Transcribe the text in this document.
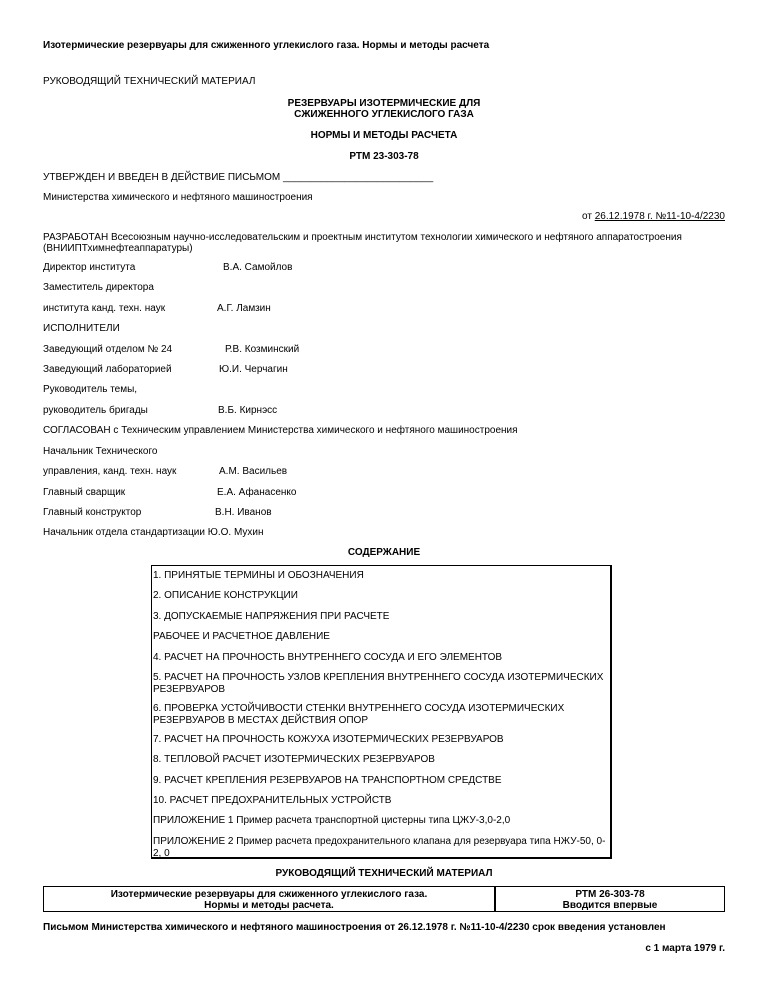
Изотермические резервуары для сжиженного углекислого газа. Нормы и методы расчета
РУКОВОДЯЩИЙ ТЕХНИЧЕСКИЙ МАТЕРИАЛ
РЕЗЕРВУАРЫ ИЗОТЕРМИЧЕСКИЕ ДЛЯ
СЖИЖЕННОГО УГЛЕКИСЛОГО ГАЗА
НОРМЫ И МЕТОДЫ РАСЧЕТА
РТМ 23-303-78
УТВЕРЖДЕН И ВВЕДЕН В ДЕЙСТВИЕ ПИСЬМОМ ___________________________
Министерства химического и нефтяного машиностроения
от 26.12.1978 г. №11-10-4/2230
РАЗРАБОТАН Всесоюзным научно-исследовательским и проектным институтом технологии химического и нефтяного аппаратостроения
(ВНИИПТхимнефтеаппаратуры)
Директор института	В.А. Самойлов
Заместитель директора
института канд. техн. наук	А.Г. Ламзин
ИСПОЛНИТЕЛИ
Заведующий отделом № 24	Р.В. Козминский
Заведующий лабораторией	Ю.И. Черчагин
Руководитель темы,
руководитель бригады	В.Б. Кирнэсс
СОГЛАСОВАН с Техническим управлением Министерства химического и нефтяного машиностроения
Начальник Технического
управления, канд. техн. наук	А.М. Васильев
Главный сварщик	Е.А. Афанасенко
Главный конструктор	В.Н. Иванов
Начальник отдела стандартизации Ю.О. Мухин
СОДЕРЖАНИЕ
1. ПРИНЯТЫЕ ТЕРМИНЫ И ОБОЗНАЧЕНИЯ
2. ОПИСАНИЕ КОНСТРУКЦИИ
3. ДОПУСКАЕМЫЕ НАПРЯЖЕНИЯ ПРИ РАСЧЕТЕ
РАБОЧЕЕ И РАСЧЕТНОЕ ДАВЛЕНИЕ
4. РАСЧЕТ НА ПРОЧНОСТЬ ВНУТРЕННЕГО СОСУДА И ЕГО ЭЛЕМЕНТОВ
5. РАСЧЕТ НА ПРОЧНОСТЬ УЗЛОВ КРЕПЛЕНИЯ ВНУТРЕННЕГО СОСУДА ИЗОТЕРМИЧЕСКИХ РЕЗЕРВУАРОВ
6. ПРОВЕРКА УСТОЙЧИВОСТИ СТЕНКИ ВНУТРЕННЕГО СОСУДА ИЗОТЕРМИЧЕСКИХ РЕЗЕРВУАРОВ В МЕСТАХ ДЕЙСТВИЯ ОПОР
7. РАСЧЕТ НА ПРОЧНОСТЬ КОЖУХА ИЗОТЕРМИЧЕСКИХ РЕЗЕРВУАРОВ
8. ТЕПЛОВОЙ РАСЧЕТ ИЗОТЕРМИЧЕСКИХ РЕЗЕРВУАРОВ
9. РАСЧЕТ КРЕПЛЕНИЯ РЕЗЕРВУАРОВ НА ТРАНСПОРТНОМ СРЕДСТВЕ
10. РАСЧЕТ ПРЕДОХРАНИТЕЛЬНЫХ УСТРОЙСТВ
ПРИЛОЖЕНИЕ 1 Пример расчета транспортной цистерны типа ЦЖУ-3,0-2,0
ПРИЛОЖЕНИЕ 2 Пример расчета предохранительного клапана для резервуара типа НЖУ-50, 0-2, 0
РУКОВОДЯЩИЙ ТЕХНИЧЕСКИЙ МАТЕРИАЛ
Изотермические резервуары для сжиженного углекислого газа.
Нормы и методы расчета.
РТМ 26-303-78
Вводится впервые
Письмом Министерства химического и нефтяного машиностроения от 26.12.1978 г. №11-10-4/2230 срок введения установлен
с 1 марта 1979 г.
